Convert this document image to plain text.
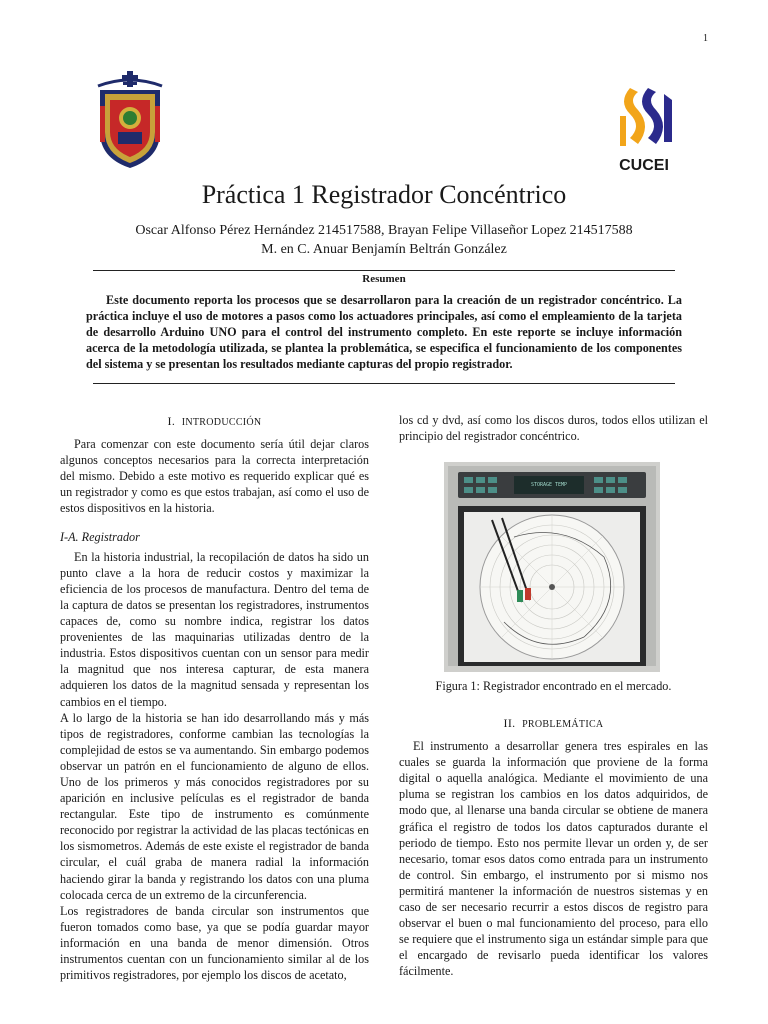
1
CUCEI
Práctica 1 Registrador Concéntrico
Oscar Alfonso Pérez Hernández 214517588, Brayan Felipe Villaseñor Lopez 214517588
M. en C. Anuar Benjamín Beltrán González
Resumen

Este documento reporta los procesos que se desarrollaron para la creación de un registrador concéntrico. La práctica incluye el uso de motores a pasos como los actuadores principales, así como el empleamiento de la tarjeta de desarrollo Arduino UNO para el control del instrumento completo. En este reporte se incluye información acerca de la metodología utilizada, se plantea la problemática, se especifica el funcionamiento de los componentes del sistema y se presentan los resultados mediante capturas del propio registrador.

I. INTRODUCCIÓN

Para comenzar con este documento sería útil dejar claros algunos conceptos necesarios para la correcta interpretación del mismo. Debido a este motivo es requerido explicar qué es un registrador y como es que estos trabajan, así como el uso de estos dispositivos en la historia.

I-A. Registrador

En la historia industrial, la recopilación de datos ha sido un punto clave a la hora de reducir costos y maximizar la eficiencia de los procesos de manufactura. Dentro del tema de la captura de datos se presentan los registradores, instrumentos capaces de, como su nombre indica, registrar los datos provenientes de las maquinarias utilizadas dentro de la industria. Estos dispositivos cuentan con un sensor para medir la magnitud que nos interesa capturar, de esta manera adquieren los datos de la magnitud sensada y representan los cambios en el tiempo.

A lo largo de la historia se han ido desarrollando más y más tipos de registradores, conforme cambian las tecnologías la complejidad de estos se va aumentando. Sin embargo podemos observar un patrón en el funcionamiento de alguno de ellos. Uno de los primeros y más conocidos registradores por su aparición en inclusive películas es el registrador de banda rectangular. Este tipo de instrumento es comúnmente reconocido por registrar la actividad de las placas tectónicas en los sismometros. Además de este existe el registrador de banda circular, el cuál graba de manera radial la información haciendo girar la banda y registrando los datos con una pluma colocada cerca de un extremo de la circunferencia.

Los registradores de banda circular son instrumentos que fueron tomados como base, ya que se podía guardar mayor información en una banda de menor dimensión. Otros instrumentos cuentan con un funcionamiento similar al de los primitivos registradores, por ejemplo los discos de acetato,

los cd y dvd, así como los discos duros, todos ellos utilizan el principio del registrador concéntrico.

STORAGE TEMP
Figura 1: Registrador encontrado en el mercado.
II. PROBLEMÁTICA

El instrumento a desarrollar genera tres espirales en las cuales se guarda la información que proviene de la forma digital o aquella analógica. Mediante el movimiento de una pluma se registran los cambios en los datos adquiridos, de modo que, al llenarse una banda circular se obtiene de manera gráfica el registro de todos los datos capturados durante el periodo de tiempo. Esto nos permite llevar un orden y, de ser necesario, tomar esos datos como entrada para un instrumento de control. Sin embargo, el instrumento por si mismo nos permitirá mantener la información de nuestros sistemas y en caso de ser necesario recurrir a estos discos de registro para observar el buen o mal funcionamiento del proceso, para ello se requiere que el instrumento siga un estándar simple para que el encargado de revisarlo pueda identificar los valores fácilmente.
